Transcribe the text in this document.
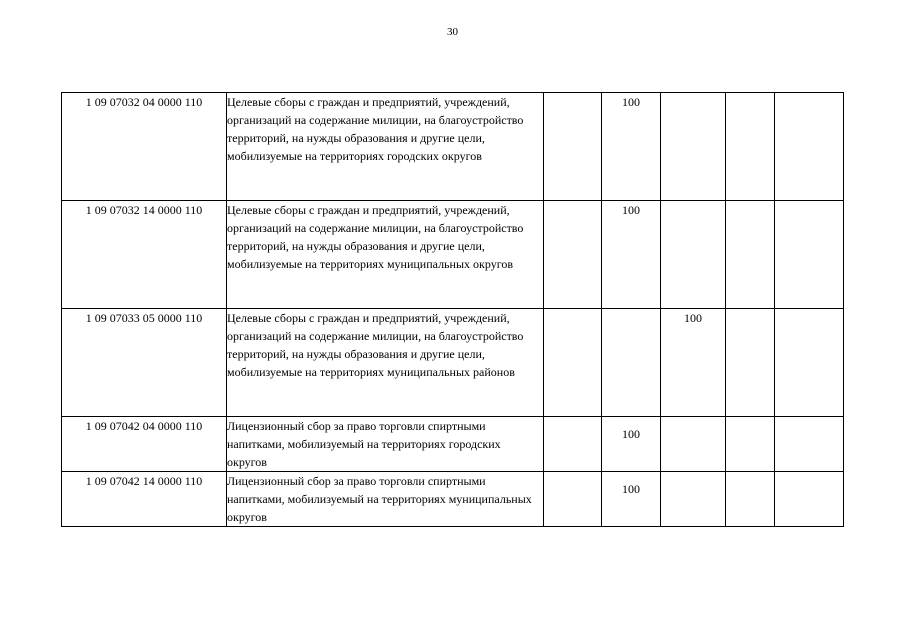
30
1 09 07032 04 0000 110	Целевые сборы с граждан и предприятий, учреждений, организаций на содержание милиции, на благоустройство территорий, на нужды образования и другие цели, мобилизуемые на территориях городских округов		100			
1 09 07032 14 0000 110	Целевые сборы с граждан и предприятий, учреждений, организаций на содержание милиции, на благоустройство территорий, на нужды образования и другие цели, мобилизуемые на территориях муниципальных округов		100			
1 09 07033 05 0000 110	Целевые сборы с граждан и предприятий, учреждений, организаций на содержание милиции, на благоустройство территорий, на нужды образования и другие цели, мобилизуемые на территориях муниципальных районов			100		
1 09 07042 04 0000 110	Лицензионный сбор за право торговли спиртными напитками, мобилизуемый на территориях городских округов		100			
1 09 07042 14 0000 110	Лицензионный сбор за право торговли спиртными напитками, мобилизуемый на территориях муниципальных округов		100			
